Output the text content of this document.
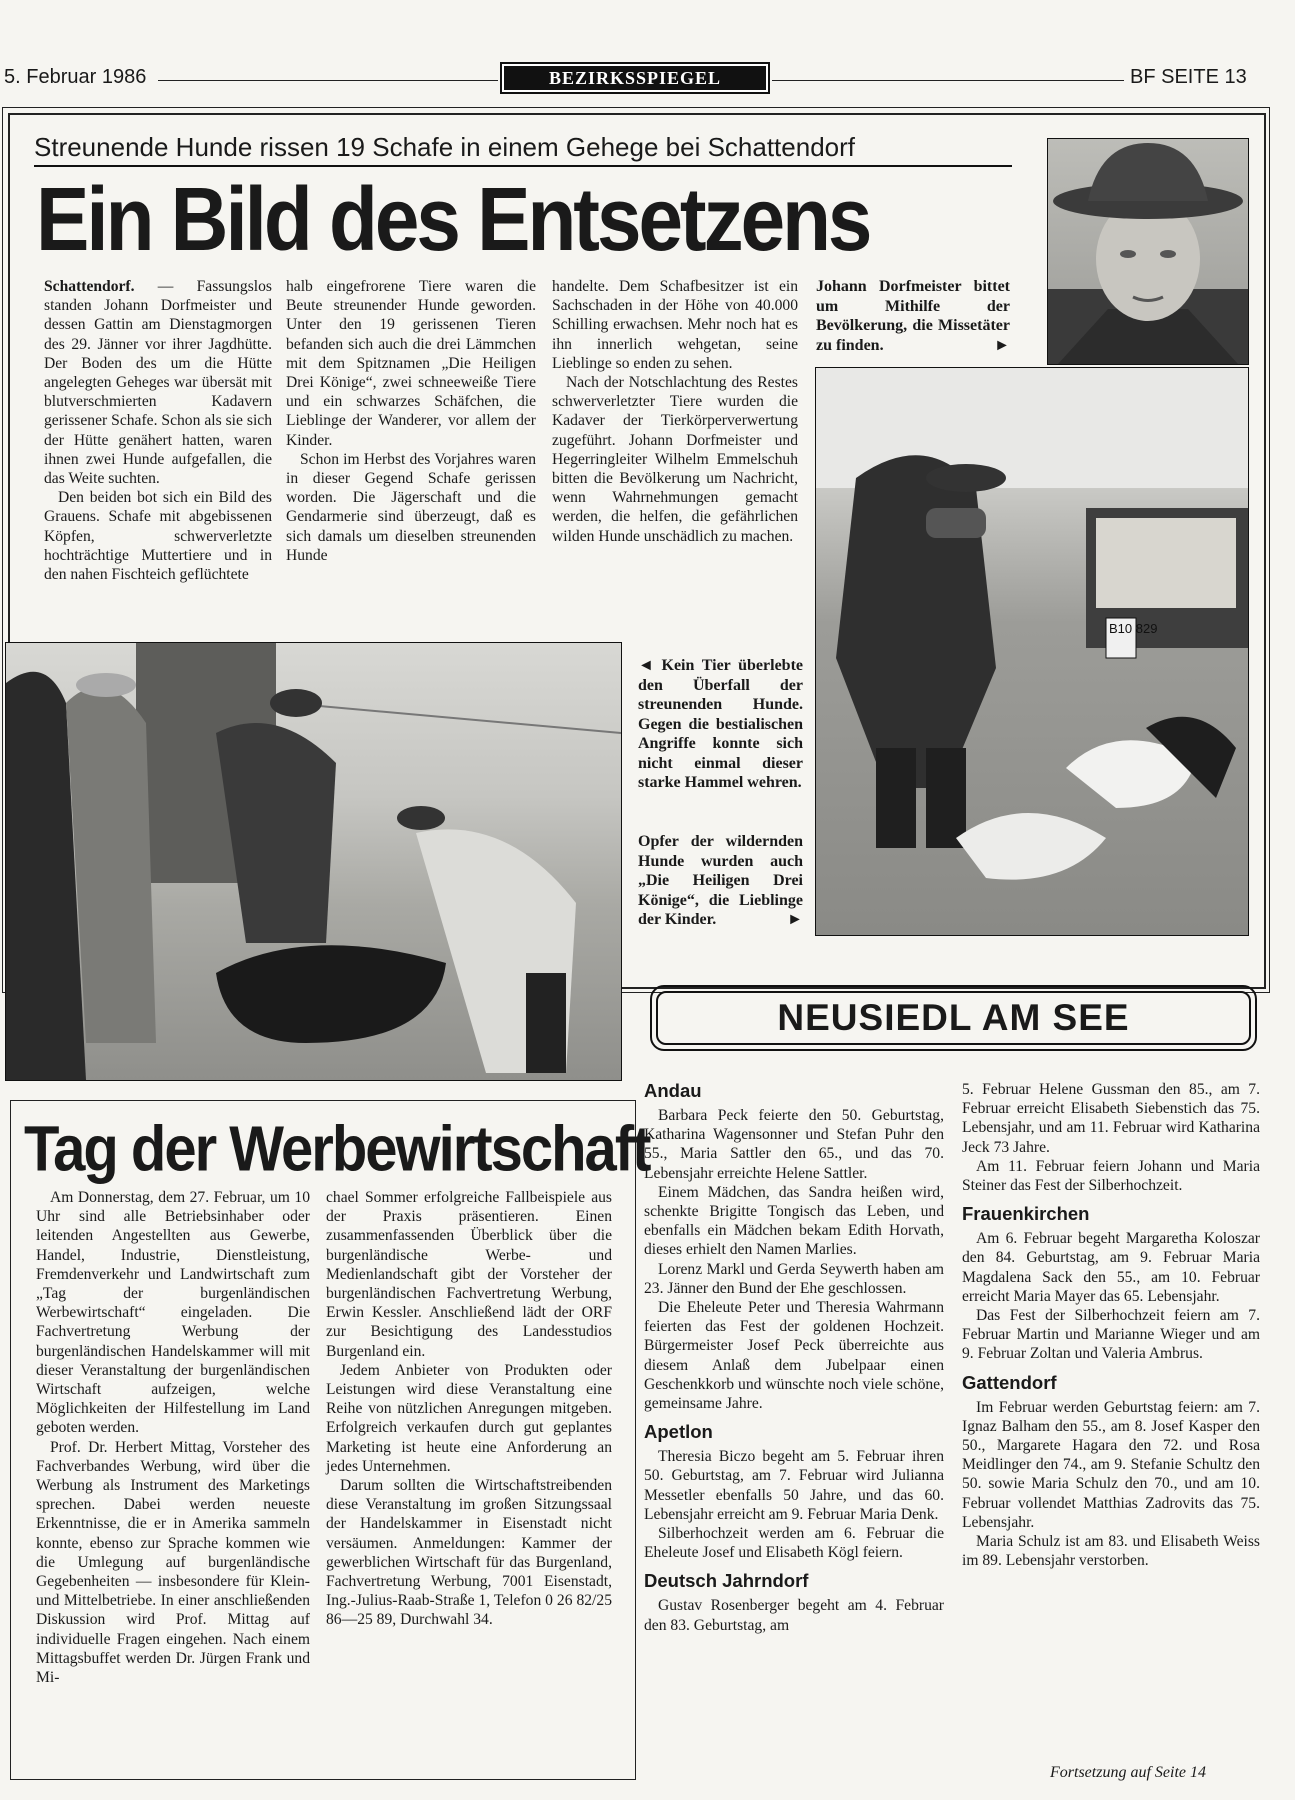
5. Februar 1986	BEZIRKSSPIEGEL	BF SEITE 13
Streunende Hunde rissen 19 Schafe in einem Gehege bei Schattendorf
Ein Bild des Entsetzens

Schattendorf. — Fassungslos standen Johann Dorfmeister und dessen Gattin am Dienstagmorgen des 29. Jänner vor ihrer Jagdhütte. Der Boden des um die Hütte angelegten Geheges war übersät mit blutverschmierten Kadavern gerissener Schafe. Schon als sie sich der Hütte genähert hatten, waren ihnen zwei Hunde aufgefallen, die das Weite suchten.

Den beiden bot sich ein Bild des Grauens. Schafe mit abgebissenen Köpfen, schwerverletzte hochträchtige Muttertiere und in den nahen Fischteich geflüchtete

halb eingefrorene Tiere waren die Beute streunender Hunde geworden. Unter den 19 gerissenen Tieren befanden sich auch die drei Lämmchen mit dem Spitznamen „Die Heiligen Drei Könige“, zwei schneeweiße Tiere und ein schwarzes Schäfchen, die Lieblinge der Wanderer, vor allem der Kinder.

Schon im Herbst des Vorjahres waren in dieser Gegend Schafe gerissen worden. Die Jägerschaft und die Gendarmerie sind überzeugt, daß es sich damals um dieselben streunenden Hunde

handelte. Dem Schafbesitzer ist ein Sachschaden in der Höhe von 40.000 Schilling erwachsen. Mehr noch hat es ihn innerlich wehgetan, seine Lieblinge so enden zu sehen.

Nach der Notschlachtung des Restes schwerverletzter Tiere wurden die Kadaver der Tierkörperverwertung zugeführt. Johann Dorfmeister und Hegerringleiter Wilhelm Emmelschuh bitten die Bevölkerung um Nachricht, wenn Wahrnehmungen gemacht werden, die helfen, die gefährlichen wilden Hunde unschädlich zu machen.

Johann Dorfmeister bittet um Mithilfe der Bevölkerung, die Missetäter zu finden.	►
B10 829
◄ Kein Tier überlebte den Überfall der streunenden Hunde. Gegen die bestialischen Angriffe konnte sich nicht einmal dieser starke Hammel wehren.
Opfer der wildernden Hunde wurden auch „Die Heiligen Drei Könige“, die Lieblinge der Kinder.	►
Tag der Werbewirtschaft

Am Donnerstag, dem 27. Februar, um 10 Uhr sind alle Betriebsinhaber oder leitenden Angestellten aus Gewerbe, Handel, Industrie, Dienstleistung, Fremdenverkehr und Landwirtschaft zum „Tag der burgenländischen Werbewirtschaft“ eingeladen. Die Fachvertretung Werbung der burgenländischen Handelskammer will mit dieser Veranstaltung der burgenländischen Wirtschaft aufzeigen, welche Möglichkeiten der Hilfestellung im Land geboten werden.

Prof. Dr. Herbert Mittag, Vorsteher des Fachverbandes Werbung, wird über die Werbung als Instrument des Marketings sprechen. Dabei werden neueste Erkenntnisse, die er in Amerika sammeln konnte, ebenso zur Sprache kommen wie die Umlegung auf burgenländische Gegebenheiten — insbesondere für Klein- und Mittelbetriebe. In einer anschließenden Diskussion wird Prof. Mittag auf individuelle Fragen eingehen. Nach einem Mittagsbuffet werden Dr. Jürgen Frank und Mi-

chael Sommer erfolgreiche Fallbeispiele aus der Praxis präsentieren. Einen zusammenfassenden Überblick über die burgenländische Werbe- und Medienlandschaft gibt der Vorsteher der burgenländischen Fachvertretung Werbung, Erwin Kessler. Anschließend lädt der ORF zur Besichtigung des Landesstudios Burgenland ein.

Jedem Anbieter von Produkten oder Leistungen wird diese Veranstaltung eine Reihe von nützlichen Anregungen mitgeben. Erfolgreich verkaufen durch gut geplantes Marketing ist heute eine Anforderung an jedes Unternehmen.

Darum sollten die Wirtschaftstreibenden diese Veranstaltung im großen Sitzungssaal der Handelskammer in Eisenstadt nicht versäumen. Anmeldungen: Kammer der gewerblichen Wirtschaft für das Burgenland, Fachvertretung Werbung, 7001 Eisenstadt, Ing.-Julius-Raab-Straße 1, Telefon 0 26 82/25 86—25 89, Durchwahl 34.

NEUSIEDL AM SEE
Andau

Barbara Peck feierte den 50. Geburtstag, Katharina Wagensonner und Stefan Puhr den 55., Maria Sattler den 65., und das 70. Lebensjahr erreichte Helene Sattler.

Einem Mädchen, das Sandra heißen wird, schenkte Brigitte Tongisch das Leben, und ebenfalls ein Mädchen bekam Edith Horvath, dieses erhielt den Namen Marlies.

Lorenz Markl und Gerda Seywerth haben am 23. Jänner den Bund der Ehe geschlossen.

Die Eheleute Peter und Theresia Wahrmann feierten das Fest der goldenen Hochzeit. Bürgermeister Josef Peck überreichte aus diesem Anlaß dem Jubelpaar einen Geschenkkorb und wünschte noch viele schöne, gemeinsame Jahre.

Apetlon

Theresia Biczo begeht am 5. Februar ihren 50. Geburtstag, am 7. Februar wird Julianna Messetler ebenfalls 50 Jahre, und das 60. Lebensjahr erreicht am 9. Februar Maria Denk.

Silberhochzeit werden am 6. Februar die Eheleute Josef und Elisabeth Kögl feiern.

Deutsch Jahrndorf

Gustav Rosenberger begeht am 4. Februar den 83. Geburtstag, am

5. Februar Helene Gussman den 85., am 7. Februar erreicht Elisabeth Siebenstich das 75. Lebensjahr, und am 11. Februar wird Katharina Jeck 73 Jahre.

Am 11. Februar feiern Johann und Maria Steiner das Fest der Silberhochzeit.

Frauenkirchen

Am 6. Februar begeht Margaretha Koloszar den 84. Geburtstag, am 9. Februar Maria Magdalena Sack den 55., am 10. Februar erreicht Maria Mayer das 65. Lebensjahr.

Das Fest der Silberhochzeit feiern am 7. Februar Martin und Marianne Wieger und am 9. Februar Zoltan und Valeria Ambrus.

Gattendorf

Im Februar werden Geburtstag feiern: am 7. Ignaz Balham den 55., am 8. Josef Kasper den 50., Margarete Hagara den 72. und Rosa Meidlinger den 74., am 9. Stefanie Schultz den 50. sowie Maria Schulz den 70., und am 10. Februar vollendet Matthias Zadrovits das 75. Lebensjahr.

Maria Schulz ist am 83. und Elisabeth Weiss im 89. Lebensjahr verstorben.

Fortsetzung auf Seite 14
